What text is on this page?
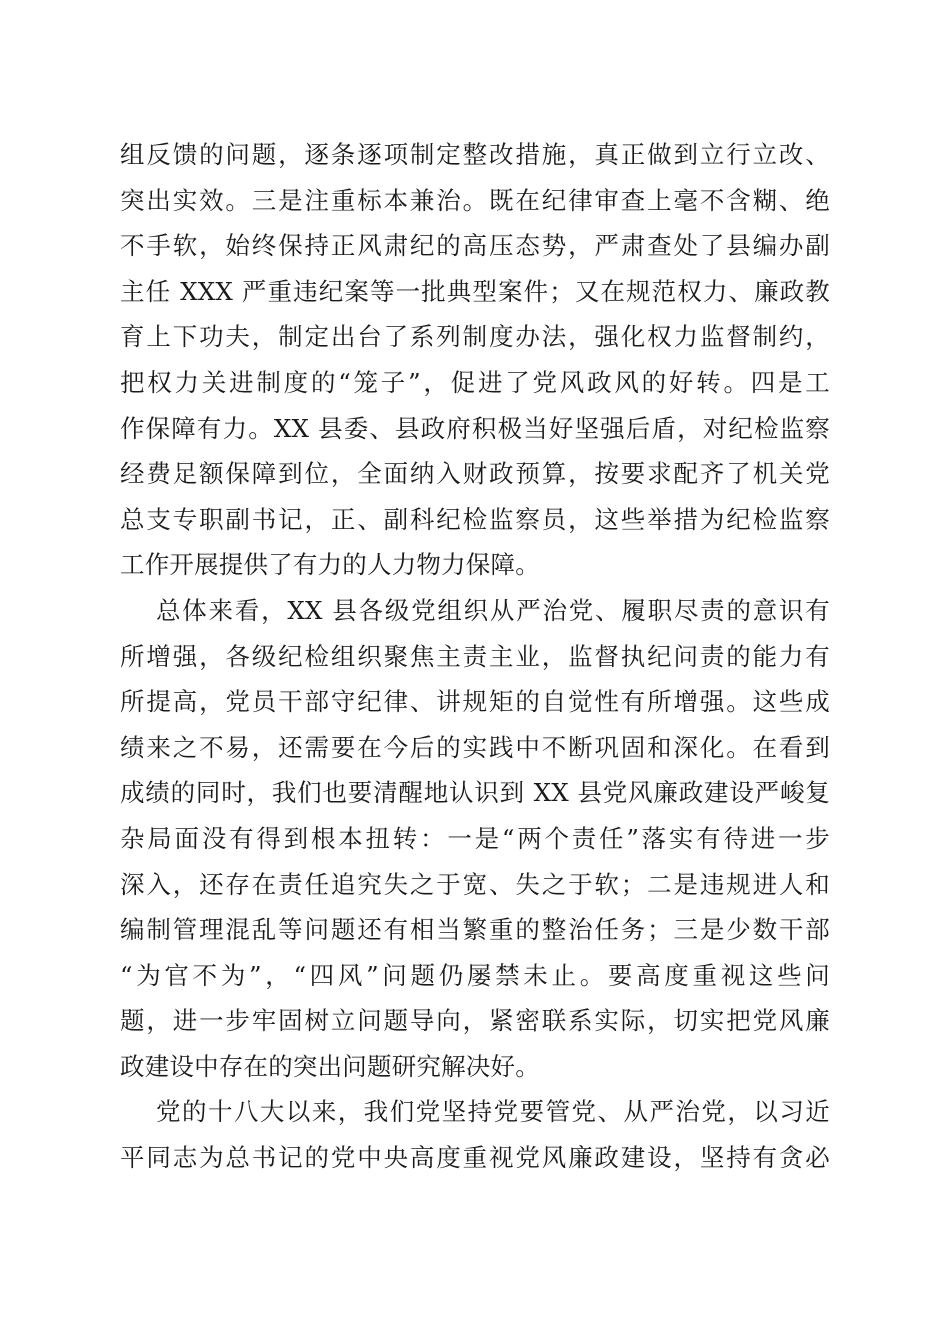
组反馈的问题，逐条逐项制定整改措施，真正做到立行立改、
突出实效。三是注重标本兼治。既在纪律审查上毫不含糊、绝
不手软，始终保持正风肃纪的高压态势，严肃查处了县编办副
主任 XXX 严重违纪案等一批典型案件；又在规范权力、廉政教
育上下功夫，制定出台了系列制度办法，强化权力监督制约，
把权力关进制度的“笼子”，促进了党风政风的好转。四是工
作保障有力。XX 县委、县政府积极当好坚强后盾，对纪检监察
经费足额保障到位，全面纳入财政预算，按要求配齐了机关党
总支专职副书记，正、副科纪检监察员，这些举措为纪检监察
工作开展提供了有力的人力物力保障。
总体来看，XX 县各级党组织从严治党、履职尽责的意识有
所增强，各级纪检组织聚焦主责主业，监督执纪问责的能力有
所提高，党员干部守纪律、讲规矩的自觉性有所增强。这些成
绩来之不易，还需要在今后的实践中不断巩固和深化。在看到
成绩的同时，我们也要清醒地认识到 XX 县党风廉政建设严峻复
杂局面没有得到根本扭转：一是“两个责任”落实有待进一步
深入，还存在责任追究失之于宽、失之于软；二是违规进人和
编制管理混乱等问题还有相当繁重的整治任务；三是少数干部
“为官不为”，“四风”问题仍屡禁未止。要高度重视这些问
题，进一步牢固树立问题导向，紧密联系实际，切实把党风廉
政建设中存在的突出问题研究解决好。
党的十八大以来，我们党坚持党要管党、从严治党，以习近
平同志为总书记的党中央高度重视党风廉政建设，坚持有贪必
